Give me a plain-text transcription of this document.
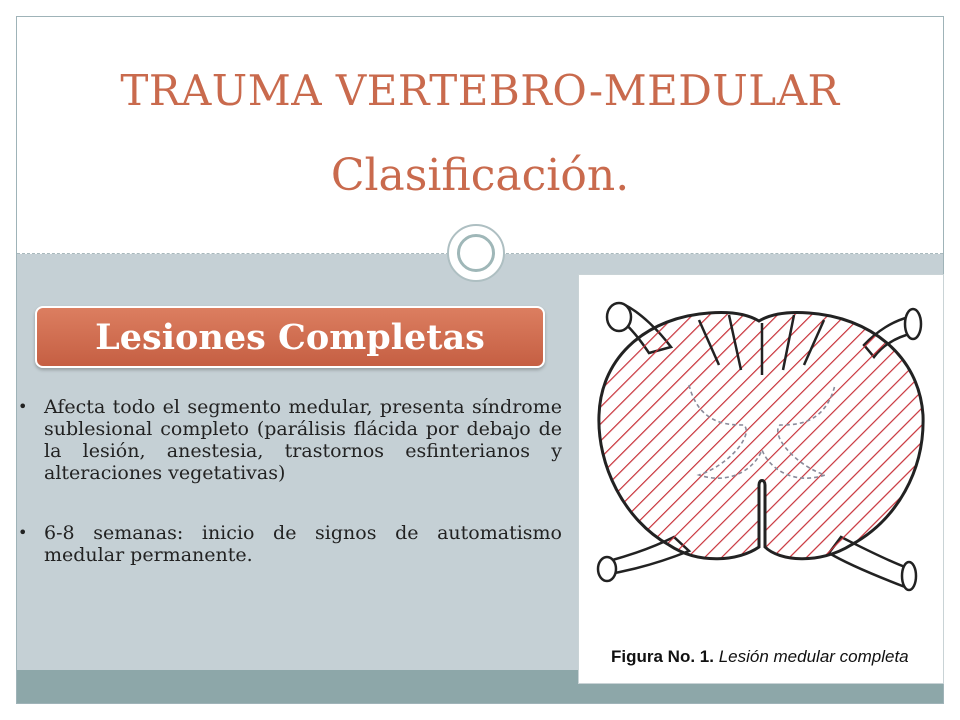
TRAUMA VERTEBRO-MEDULAR
Clasificación.
Lesiones Completas
• Afecta todo el segmento medular, presenta síndrome sublesional completo (parálisis flácida por debajo de la lesión, anestesia, trastornos esfinterianos y alteraciones vegetativas)
• 6-8 semanas: inicio de signos de automatismo medular permanente.
Figura No. 1. Lesión medular completa
